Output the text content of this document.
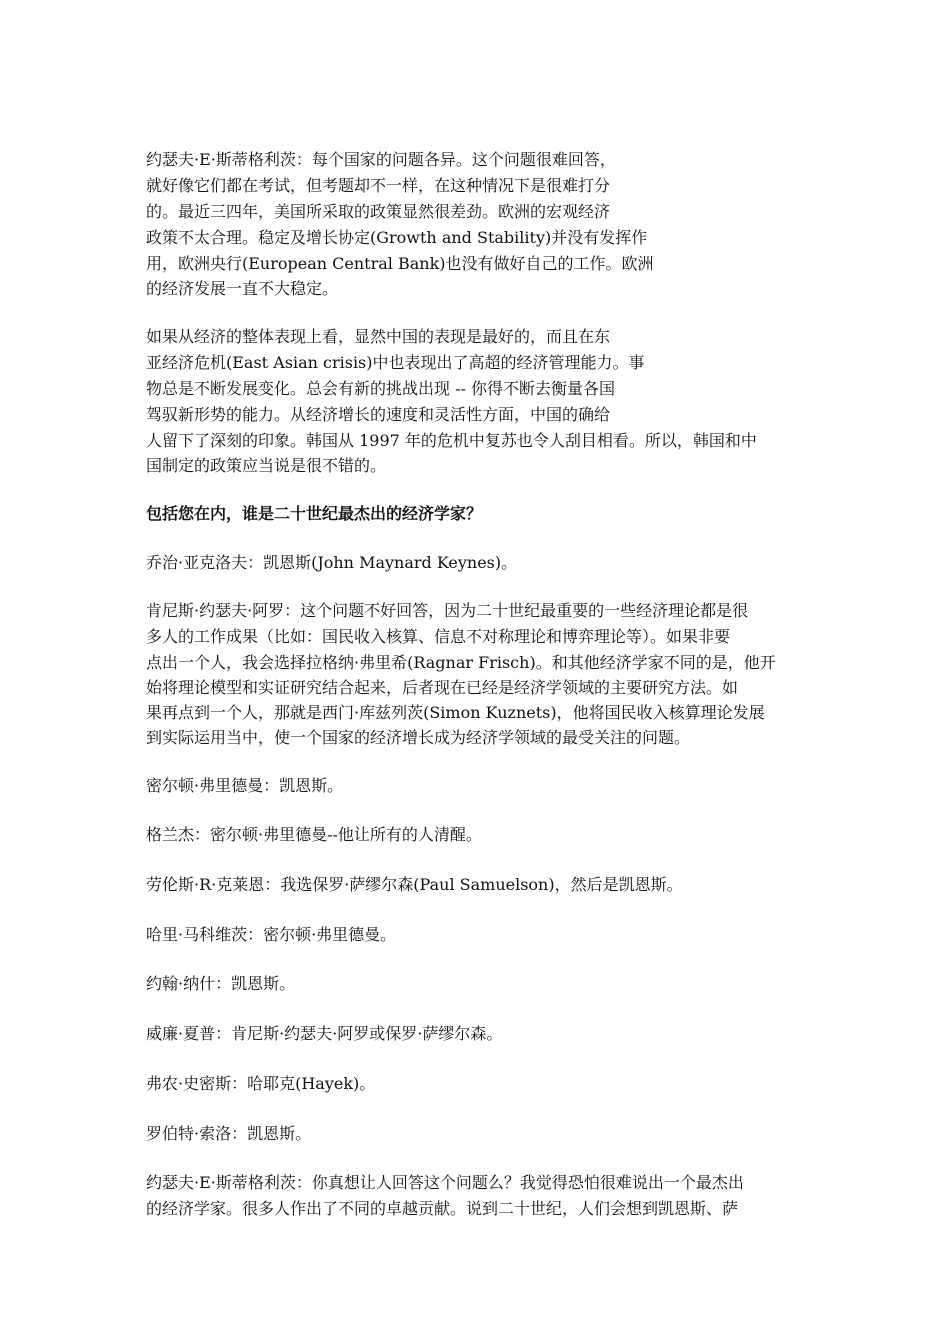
约瑟夫·E·斯蒂格利茨：每个国家的问题各异。这个问题很难回答，

就好像它们都在考试，但考题却不一样，在这种情况下是很难打分

的。最近三四年，美国所采取的政策显然很差劲。欧洲的宏观经济

政策不太合理。稳定及增长协定(Growth and Stability)并没有发挥作

用，欧洲央行(European Central Bank)也没有做好自己的工作。欧洲

的经济发展一直不大稳定。

如果从经济的整体表现上看，显然中国的表现是最好的，而且在东

亚经济危机(East Asian crisis)中也表现出了高超的经济管理能力。事

物总是不断发展变化。总会有新的挑战出现 -- 你得不断去衡量各国

驾驭新形势的能力。从经济增长的速度和灵活性方面，中国的确给

人留下了深刻的印象。韩国从 1997 年的危机中复苏也令人刮目相看。所以，韩国和中

国制定的政策应当说是很不错的。

包括您在内，谁是二十世纪最杰出的经济学家？

乔治·亚克洛夫：凯恩斯(John Maynard Keynes)。

肯尼斯·约瑟夫·阿罗：这个问题不好回答，因为二十世纪最重要的一些经济理论都是很

多人的工作成果（比如：国民收入核算、信息不对称理论和博弈理论等）。如果非要

点出一个人，我会选择拉格纳·弗里希(Ragnar Frisch)。和其他经济学家不同的是，他开

始将理论模型和实证研究结合起来，后者现在已经是经济学领域的主要研究方法。如

果再点到一个人，那就是西门·库兹列茨(Simon Kuznets)，他将国民收入核算理论发展

到实际运用当中，使一个国家的经济增长成为经济学领域的最受关注的问题。

密尔顿·弗里德曼：凯恩斯。

格兰杰：密尔顿·弗里德曼--他让所有的人清醒。

劳伦斯·R·克莱恩：我选保罗·萨缪尔森(Paul Samuelson)，然后是凯恩斯。

哈里·马科维茨：密尔顿·弗里德曼。

约翰·纳什：凯恩斯。

威廉·夏普：肯尼斯·约瑟夫·阿罗或保罗·萨缪尔森。

弗农·史密斯：哈耶克(Hayek)。

罗伯特·索洛：凯恩斯。

约瑟夫·E·斯蒂格利茨：你真想让人回答这个问题么？我觉得恐怕很难说出一个最杰出

的经济学家。很多人作出了不同的卓越贡献。说到二十世纪，人们会想到凯恩斯、萨
